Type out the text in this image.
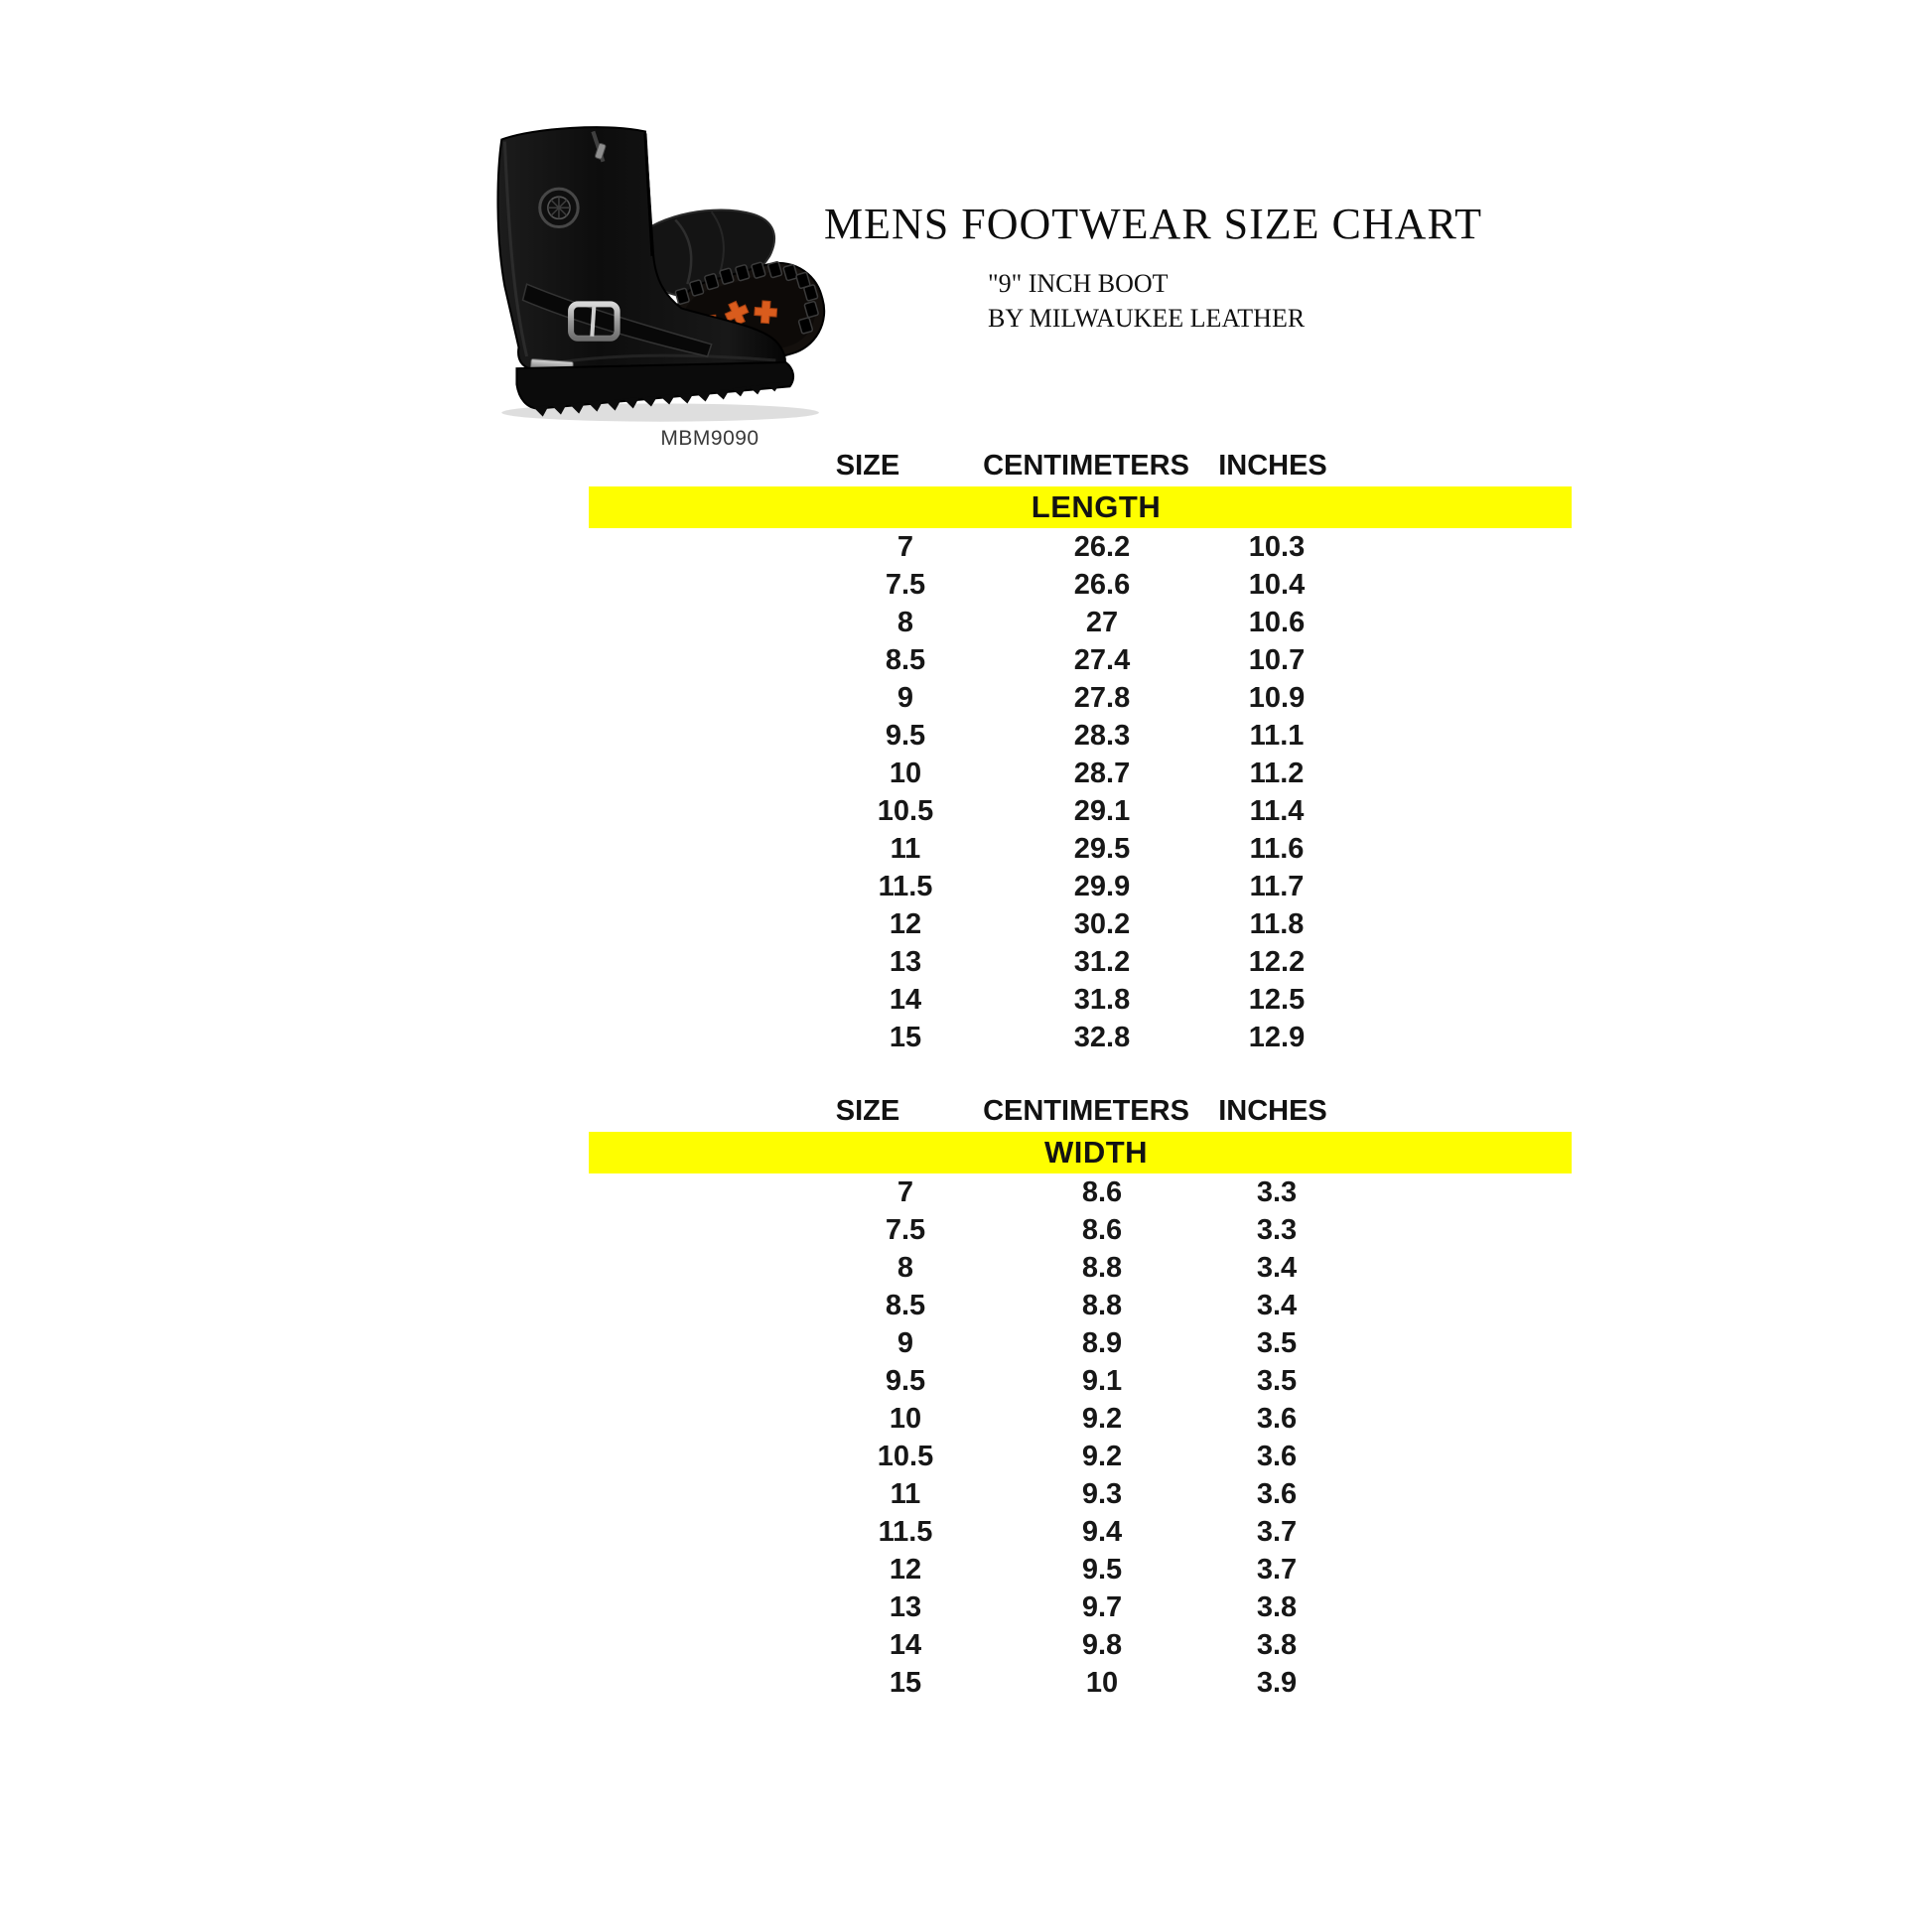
MBM9090
MENS FOOTWEAR SIZE CHART
"9" INCH BOOT
BY MILWAUKEE LEATHER
SIZE	CENTIMETERS	INCHES
LENGTH
7	26.2	10.3
7.5	26.6	10.4
8	27	10.6
8.5	27.4	10.7
9	27.8	10.9
9.5	28.3	11.1
10	28.7	11.2
10.5	29.1	11.4
11	29.5	11.6
11.5	29.9	11.7
12	30.2	11.8
13	31.2	12.2
14	31.8	12.5
15	32.8	12.9
SIZE	CENTIMETERS	INCHES
WIDTH
7	8.6	3.3
7.5	8.6	3.3
8	8.8	3.4
8.5	8.8	3.4
9	8.9	3.5
9.5	9.1	3.5
10	9.2	3.6
10.5	9.2	3.6
11	9.3	3.6
11.5	9.4	3.7
12	9.5	3.7
13	9.7	3.8
14	9.8	3.8
15	10	3.9
